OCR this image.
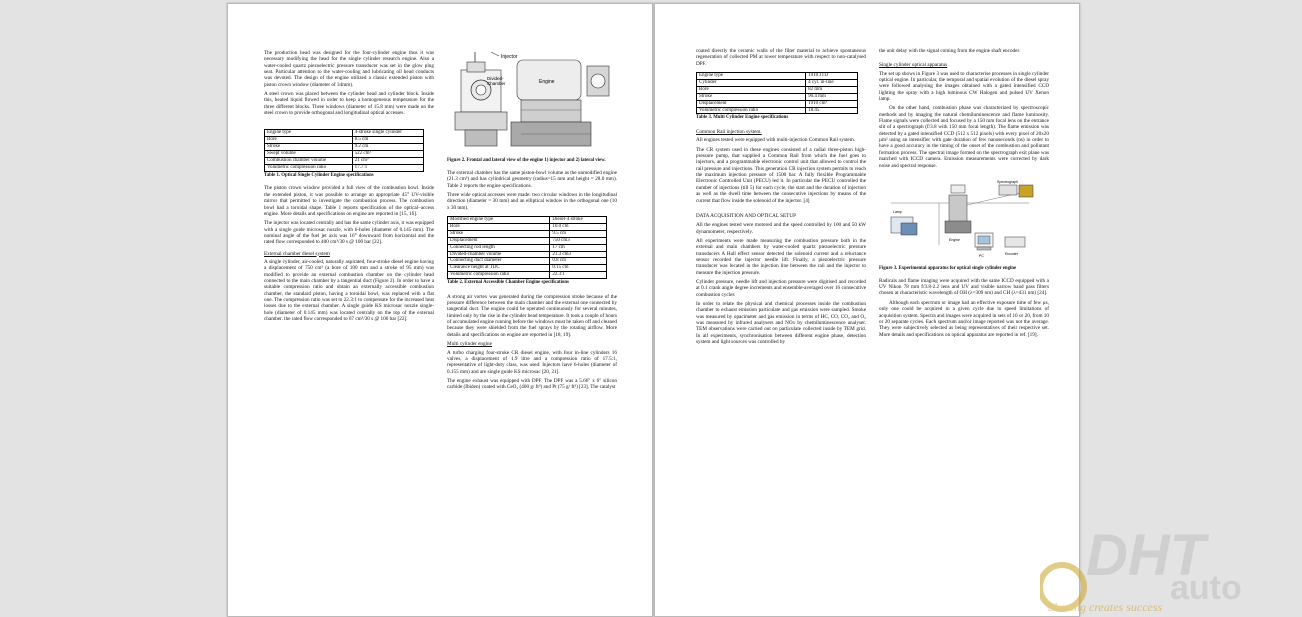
The production head was designed for the four-cylinder engine thus it was necessary modifying the head for the single cylinder research engine. Also a water-cooled quartz piezoelectric pressure transducer was set in the glow plug seat. Particular attention to the water-cooling and lubricating oil head conducts was devoted. The design of the engine utilized a classic extended piston with piston crown window (diameter of 34mm).

A steel crown was placed between the cylinder head and cylinder block. Inside this, heated liquid flowed in order to keep a homogeneous temperature for the three different blocks. Three windows (diameter of 15.8 mm) were made on the steel crown to provide orthogonal and longitudinal optical accesses.

Engine type	4-stroke single cylinder
Bore	8.5 cm
Stroke	9.2 cm
Swept volume	522 cm³
Combustion chamber volume	21 cm³
Volumetric compression ratio	17.7:1
Table 1. Optical Single Cylinder Engine specifications

The piston crown window provided a full view of the combustion bowl. Inside the extended piston, it was possible to arrange an appropriate 45° UV-visible mirror that permitted to investigate the combustion process. The combustion bowl had a toroidal shape. Table 1 reports specification of the optical–access engine. More details and specifications on engine are reported in [15, 16].

The injector was located centrally and has the same cylinder axis, it was equipped with a single guide microsac nozzle, with 6-holes (diameter of 0.145 mm). The nominal angle of the fuel jet axis was 16° downward from horizontal and the rated flow corresponded to 400 cm³/30 s @ 100 bar [22].

External chamber diesel system

A single cylinder, air-cooled, naturally aspirated, four-stroke diesel engine having a displacement of 750 cm³ (a bore of 100 mm and a stroke of 95 mm) was modified to provide an external combustion chamber on the cylinder head connected to the main chamber by a tangential duct (Figure 2). In order to have a suitable compression ratio and obtain an externally accessible combustion chamber, the standard piston, having a toroidal bowl, was replaced with a flat one. The compression ratio was set to 22.3:1 to compensate for the increased heat losses due to the external chamber. A single guide KS microsac nozzle single-hole (diameter of 0.145 mm) was located centrally on the top of the external chamber. the rated flow corresponded to 67 cm³/30 s @ 100 bar [22].

Injector
Divided-
Chamber	Engine
Figure 2. Frontal and lateral view of the engine 1) injector and 2) lateral view.

The external chamber has the same piston-bowl volume as the unmodified engine (21.3 cm³) and has cylindrical geometry (radius=15 mm and height = 28.0 mm). Table 2 reports the engine specifications.

Three wide optical accesses were made: two circular windows in the longitudinal direction (diameter = 30 mm) and an elliptical window in the orthogonal one (10 x 30 mm).

Modified engine type	Diesel-4 stroke
Bore	10.0 cm
Stroke	9.5 cm
Displacement	750 cm3
Connecting rod length	17 cm
Divided-chamber volume	21.3 cm3
Connecting duct diameter	0.8 cm
Clearance height at TDC	0.15 cm
Volumetric compression ratio	22.3:1
Table 2. External Accessible Chamber Engine specifications

A strong air vortex was generated during the compression stroke because of the pressure difference between the main chamber and the external one connected by tangential duct. The engine could be operated continuously for several minutes, limited only by the rise in the cylinder head temperature. It took a couple of hours of accumulated engine running before the windows must be taken off and cleaned because they were shielded from the fuel sprays by the rotating airflow. More details and specifications on engine are reported in [18, 19].

Multi cylinder engine

A turbo charging four-stroke CR diesel engine, with four in-line cylinders 16 valves, a displacement of 1.9 litre and a compression ratio of 17.5:1, representative of light-duty class, was used. Injectors have 6-holes (diameter of 0.155 mm) and are single guide KS microsac [20, 21].

The engine exhaust was equipped with DPF. The DPF was a 5.66" x 6" silicon carbide (Ibiden) coated with CeO₂ (400 g/ ft³) and Pt (75 g/ ft³) [23]. The catalyst

coated directly the ceramic walls of the filter material to achieve spontaneous regeneration of collected PM at lower temperature with respect to non-catalysed DPF.

Engine type	1910 JTD
Cylinder	4 cyl. in-line
Bore	82 mm
Stroke	90.4 mm
Displacement	1910 cm³
Volumetric compression ratio	18.45
Table 3. Multi Cylinder Engine specifications
Common Rail injection system.

All engines tested were equipped with multi-injection Common Rail system.

The CR system used in these engines consisted of a radial three-piston high-pressure pump, that supplied a Common Rail from which the fuel goes to injectors, and a programmable electronic control unit that allowed to control the rail pressure and injections. This generation CR injection system permits to reach the maximum injection pressure of 1500 bar. A fully flexible Programmable Electronic Controlled Unit (PECU) led it. In particular the PECU controlled the number of injections (till 5) for each cycle, the start and the duration of injection as well as the dwell time between the consecutive injections by means of the current that flow inside the solenoid of the injector. [4]

DATA ACQUISITION AND OPTICAL SETUP

All the engines tested were motored and the speed controlled by 100 and 50 kW dynamometer, respectively.

All experiments were made measuring the combustion pressure both in the external and main chambers by water-cooled quartz piezoelectric pressure transducers A Hall effect sensor detected the solenoid current and a reluctance sensor recorded the injector needle lift. Finally, a piezoelectric pressure transducer was located in the injection line between the rail and the injector to measure the injection pressure.

Cylinder pressure, needle lift and injection pressure were digitised and recorded at 0.1 crank angle degree increments and ensemble-averaged over 16 consecutive combustion cycles

In order to relate the physical and chemical processes inside the combustion chamber to exhaust emission particulate and gas emission were sampled. Smoke was measured by opacimeter and gas emission in terms of HC, CO, CO₂ and O₂ was measured by infrared analysers and NOx by chemiluminescence analyser. TEM observations were carried out on particulate collected inside by TEM grid. In all experiments, synchronisation between different engine phase, detection system and light sources was controlled by

the unit delay with the signal coming from the engine shaft encoder.

Single cylinder optical apparatus

The set up shows in Figure 3 was used to characterise processes in single cylinder optical engine. In particular, the temporal and spatial evolution of the diesel spray were followed analysing the images obtained with a gated intensified CCD lighting the spray with a high luminous CW Halogen and pulsed UV Xenon lamp.

On the other hand, combustion phase was characterized by spectroscopic methods and by imaging the natural chemiluminescence and flame luminosity. Flame signals were collected and focused by a 150 mm focal lens on the entrance slit of a spectrograph (f/3.8 with 150 mm focal length). The flame emission was detected by a gated intensified CCD (512 x 512 pixels) with every pixel of 20x20 µm² using an intensifier with gate duration of few nanoseconds (ns) in order to have a good accuracy in the timing of the onset of the combustion and pollutant formation process. The spectral image formed on the spectrograph exit plane was matched with ICCD camera. Emission measurements were corrected by dark noise and spectral response.

Lamp
Spectrograph
Engine
PC	Encoder
Figure 3. Experimental apparatus for optical single cylinder engine

Radicals and flame imaging were acquired with the same ICCD equipped with a UV Nikon 78 mm f/3.8-2.2 lens and UV and visible narrow band pass filters chosen at characteristic wavelength of OH (λ=309 nm) and CH (λ=431 nm) [24].

Although each spectrum or image had an effective exposure time of few µs, only one could be acquired in a given cycle due to speed limitations of acquisition system. Spectra and images were acquired in sets of 10 or 20, from 10 or 20 separate cycles. Each spectrum and/or image reported was not the average. They were subjectively selected as being representatives of their respective set. More details and specifications on optical apparatus are reported in ref. [19].

DHT
auto
Sharing creates success
